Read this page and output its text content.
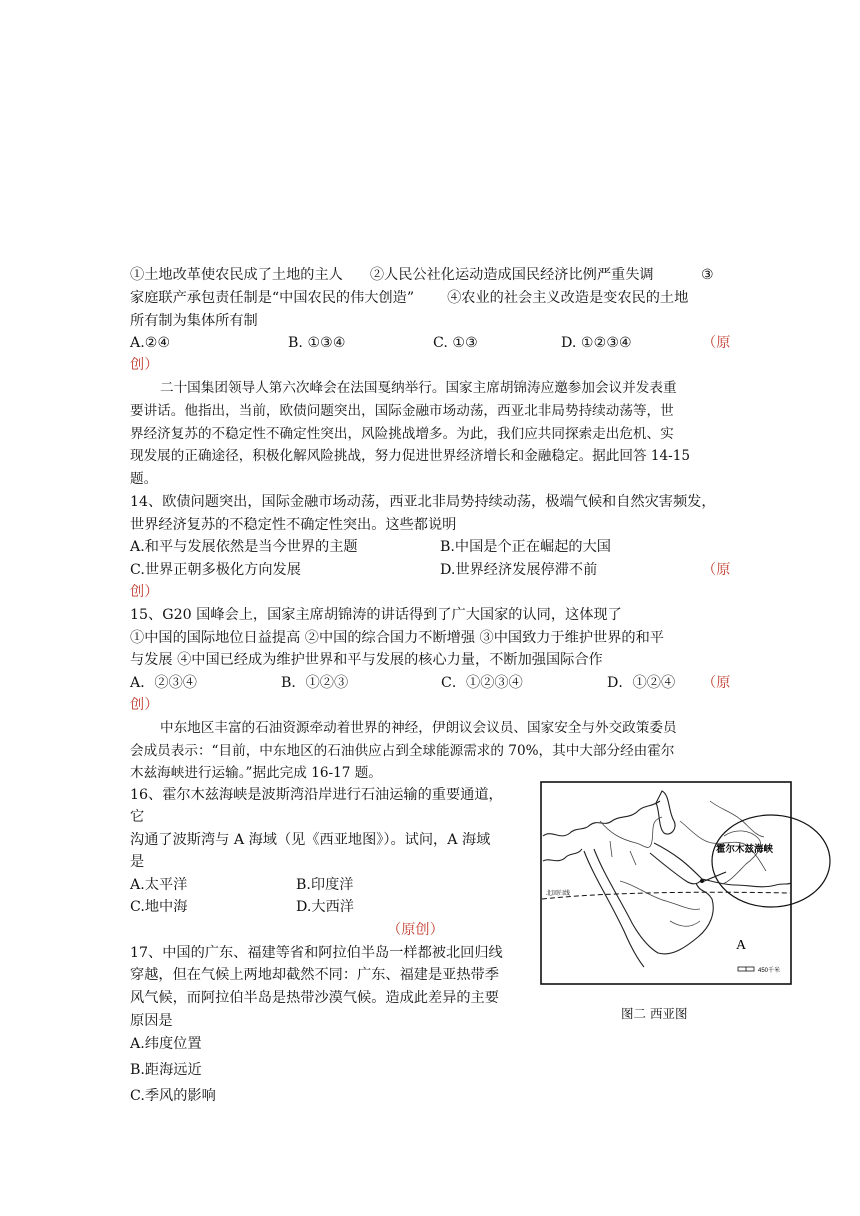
①土地改革使农民成了土地的主人 ②人民公社化运动造成国民经济比例严重失调	③
家庭联产承包责任制是“中国农民的伟大创造” ④农业的社会主义改造是变农民的土地
所有制为集体所有制
A.②④	B. ①③④	C. ①③	D. ①②③④	（原
创）
二十国集团领导人第六次峰会在法国戛纳举行。国家主席胡锦涛应邀参加会议并发表重
要讲话。他指出，当前，欧债问题突出，国际金融市场动荡，西亚北非局势持续动荡等，世
界经济复苏的不稳定性不确定性突出，风险挑战增多。为此，我们应共同探索走出危机、实
现发展的正确途径，积极化解风险挑战，努力促进世界经济增长和金融稳定。据此回答 14-15
题。
14、欧债问题突出，国际金融市场动荡，西亚北非局势持续动荡，极端气候和自然灾害频发，
世界经济复苏的不稳定性不确定性突出。这些都说明
A.和平与发展依然是当今世界的主题	B.中国是个正在崛起的大国
C.世界正朝多极化方向发展	D.世界经济发展停滞不前	（原
创）
15、G20 国峰会上，国家主席胡锦涛的讲话得到了广大国家的认同，这体现了
①中国的国际地位日益提高 ②中国的综合国力不断增强 ③中国致力于维护世界的和平
与发展 ④中国已经成为维护世界和平与发展的核心力量，不断加强国际合作
A．②③④	B．①②③	C．①②③④	D．①②④ （原
创）
中东地区丰富的石油资源牵动着世界的神经，伊朗议会议员、国家安全与外交政策委员
会成员表示：“目前，中东地区的石油供应占到全球能源需求的 70%，其中大部分经由霍尔
木兹海峡进行运输。”据此完成 16-17 题。
16、霍尔木兹海峡是波斯湾沿岸进行石油运输的重要通道，
它
沟通了波斯湾与 A 海域（见《西亚地图》）。试问，A 海域
是
A.太平洋	B.印度洋
C.地中海	D.大西洋
（原创）
17、中国的广东、福建等省和阿拉伯半岛一样都被北回归线
穿越，但在气候上两地却截然不同：广东、福建是亚热带季
风气候，而阿拉伯半岛是热带沙漠气候。造成此差异的主要
原因是
A.纬度位置
B.距海远近
C.季风的影响
北回归线
A
450千米
霍尔木兹海峡
图二 西亚图
